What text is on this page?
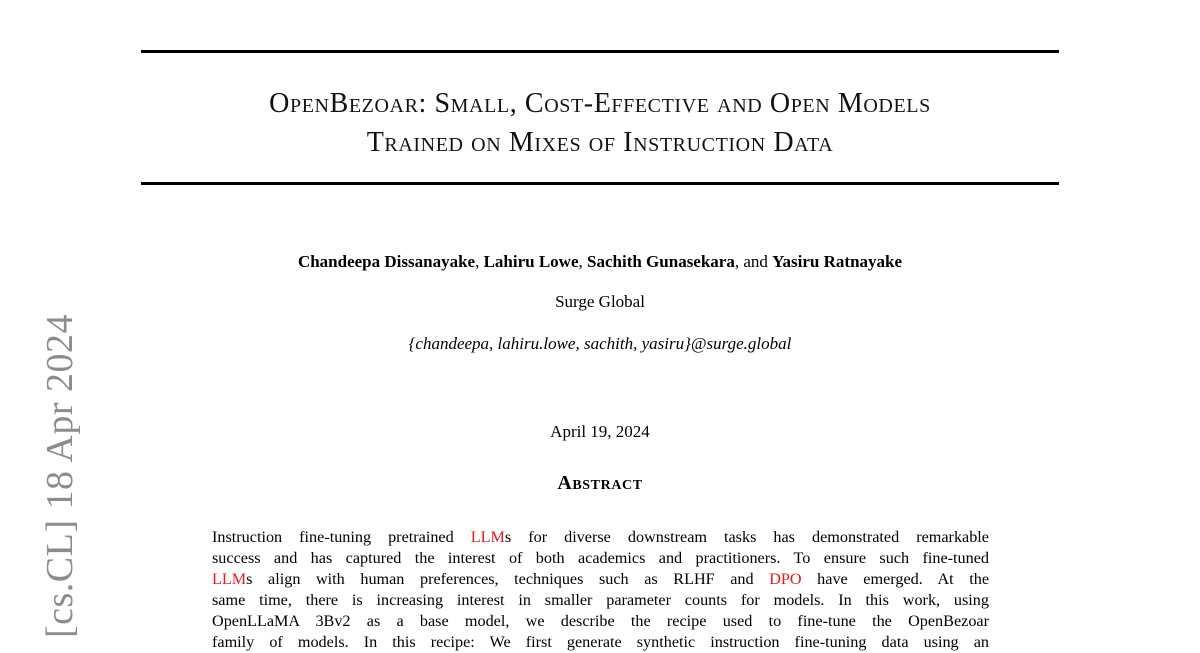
OpenBezoar: Small, Cost-Effective and Open Models
Trained on Mixes of Instruction Data
Chandeepa Dissanayake, Lahiru Lowe, Sachith Gunasekara, and Yasiru Ratnayake
Surge Global
{chandeepa, lahiru.lowe, sachith, yasiru}@surge.global
April 19, 2024
Abstract
Instruction fine-tuning pretrained LLMs for diverse downstream tasks has demonstrated remarkable
success and has captured the interest of both academics and practitioners. To ensure such fine-tuned
LLMs align with human preferences, techniques such as RLHF and DPO have emerged. At the
same time, there is increasing interest in smaller parameter counts for models. In this work, using
OpenLLaMA 3Bv2 as a base model, we describe the recipe used to fine-tune the OpenBezoar
family of models. In this recipe: We first generate synthetic instruction fine-tuning data using an
[cs.CL] 18 Apr 2024
